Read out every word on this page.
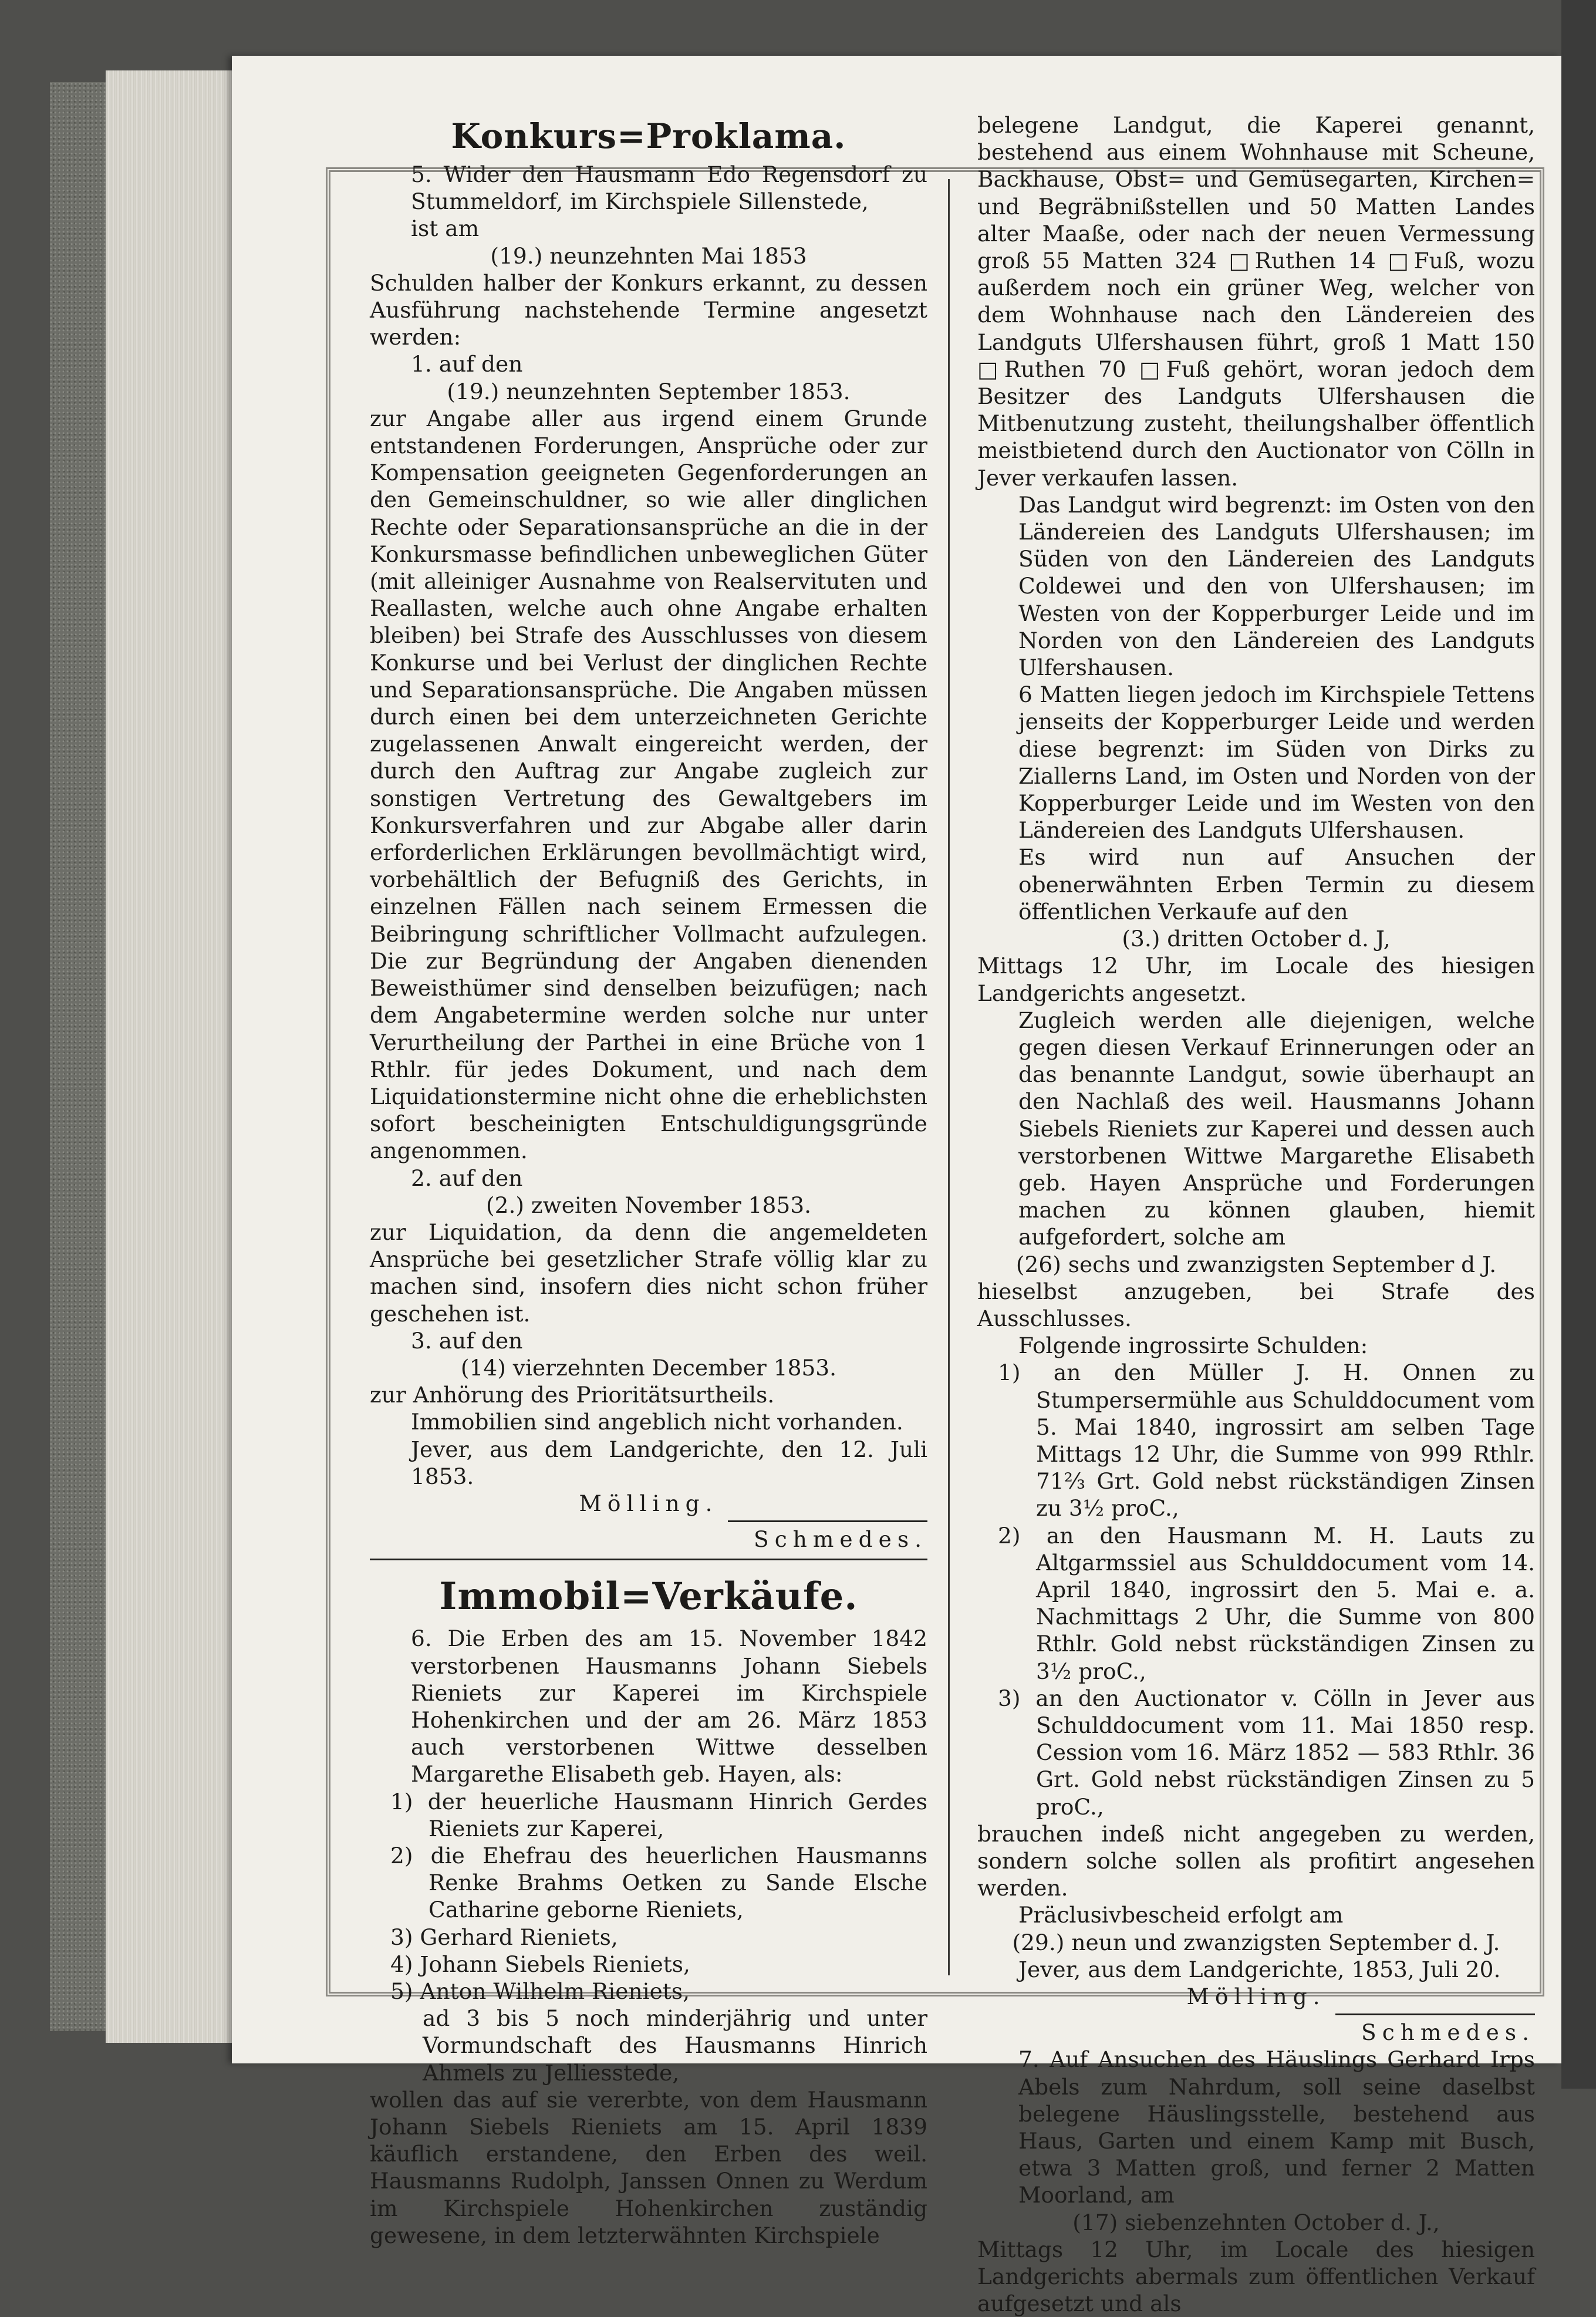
Konkurs=Proklama.

5. Wider den Hausmann Edo Regensdorf zu Stummeldorf, im Kirchspiele Sillenstede,

ist am

(19.) neunzehnten Mai 1853

Schulden halber der Konkurs erkannt, zu dessen Ausführung nachstehende Termine angesetzt werden:

1. auf den

(19.) neunzehnten September 1853.

zur Angabe aller aus irgend einem Grunde entstandenen Forderungen, Ansprüche oder zur Kompensation geeigneten Gegenforderungen an den Gemeinschuldner, so wie aller dinglichen Rechte oder Separationsansprüche an die in der Konkursmasse befindlichen unbeweglichen Güter (mit alleiniger Ausnahme von Realservituten und Reallasten, welche auch ohne Angabe erhalten bleiben) bei Strafe des Ausschlusses von diesem Konkurse und bei Verlust der dinglichen Rechte und Separationsansprüche. Die Angaben müssen durch einen bei dem unterzeichneten Gerichte zugelassenen Anwalt eingereicht werden, der durch den Auftrag zur Angabe zugleich zur sonstigen Vertretung des Gewaltgebers im Konkursverfahren und zur Abgabe aller darin erforderlichen Erklärungen bevollmächtigt wird, vorbehältlich der Befugniß des Gerichts, in einzelnen Fällen nach seinem Ermessen die Beibringung schriftlicher Vollmacht aufzulegen. Die zur Begründung der Angaben dienenden Beweisthümer sind denselben beizufügen; nach dem Angabetermine werden solche nur unter Verurtheilung der Parthei in eine Brüche von 1 Rthlr. für jedes Dokument, und nach dem Liquidationstermine nicht ohne die erheblichsten sofort bescheinigten Entschuldigungsgründe angenommen.

2. auf den

(2.) zweiten November 1853.

zur Liquidation, da denn die angemeldeten Ansprüche bei gesetzlicher Strafe völlig klar zu machen sind, insofern dies nicht schon früher geschehen ist.

3. auf den

(14) vierzehnten December 1853.

zur Anhörung des Prioritätsurtheils.

Immobilien sind angeblich nicht vorhanden.

Jever, aus dem Landgerichte, den 12. Juli 1853.

Mölling.

Schmedes.

Immobil=Verkäufe.

6. Die Erben des am 15. November 1842 verstorbenen Hausmanns Johann Siebels Rieniets zur Kaperei im Kirchspiele Hohenkirchen und der am 26. März 1853 auch verstorbenen Wittwe desselben Margarethe Elisabeth geb. Hayen, als:

1) der heuerliche Hausmann Hinrich Gerdes Rieniets zur Kaperei,

2) die Ehefrau des heuerlichen Hausmanns Renke Brahms Oetken zu Sande Elsche Catharine geborne Rieniets,

3) Gerhard Rieniets,

4) Johann Siebels Rieniets,

5) Anton Wilhelm Rieniets,

ad 3 bis 5 noch minderjährig und unter Vormundschaft des Hausmanns Hinrich Ahmels zu Jelliesstede,

wollen das auf sie vererbte, von dem Hausmann Johann Siebels Rieniets am 15. April 1839 käuflich erstandene, den Erben des weil. Hausmanns Rudolph, Janssen Onnen zu Werdum im Kirchspiele Hohenkirchen zuständig gewesene, in dem letzterwähnten Kirchspiele

belegene Landgut, die Kaperei genannt, bestehend aus einem Wohnhause mit Scheune, Backhause, Obst= und Gemüsegarten, Kirchen= und Begräbnißstellen und 50 Matten Landes alter Maaße, oder nach der neuen Vermessung groß 55 Matten 324 □Ruthen 14 □Fuß, wozu außerdem noch ein grüner Weg, welcher von dem Wohnhause nach den Ländereien des Landguts Ulfershausen führt, groß 1 Matt 150 □Ruthen 70 □Fuß gehört, woran jedoch dem Besitzer des Landguts Ulfershausen die Mitbenutzung zusteht, theilungshalber öffentlich meistbietend durch den Auctionator von Cölln in Jever verkaufen lassen.

Das Landgut wird begrenzt: im Osten von den Ländereien des Landguts Ulfershausen; im Süden von den Ländereien des Landguts Coldewei und den von Ulfershausen; im Westen von der Kopperburger Leide und im Norden von den Ländereien des Landguts Ulfershausen.

6 Matten liegen jedoch im Kirchspiele Tettens jenseits der Kopperburger Leide und werden diese begrenzt: im Süden von Dirks zu Ziallerns Land, im Osten und Norden von der Kopperburger Leide und im Westen von den Ländereien des Landguts Ulfershausen.

Es wird nun auf Ansuchen der obenerwähnten Erben Termin zu diesem öffentlichen Verkaufe auf den

(3.) dritten October d. J,

Mittags 12 Uhr, im Locale des hiesigen Landgerichts angesetzt.

Zugleich werden alle diejenigen, welche gegen diesen Verkauf Erinnerungen oder an das benannte Landgut, sowie überhaupt an den Nachlaß des weil. Hausmanns Johann Siebels Rieniets zur Kaperei und dessen auch verstorbenen Wittwe Margarethe Elisabeth geb. Hayen Ansprüche und Forderungen machen zu können glauben, hiemit aufgefordert, solche am

(26) sechs und zwanzigsten September d J.

hieselbst anzugeben, bei Strafe des Ausschlusses.

Folgende ingrossirte Schulden:

1) an den Müller J. H. Onnen zu Stumpersermühle aus Schulddocument vom 5. Mai 1840, ingrossirt am selben Tage Mittags 12 Uhr, die Summe von 999 Rthlr. 71⅔ Grt. Gold nebst rückständigen Zinsen zu 3½ proC.,

2) an den Hausmann M. H. Lauts zu Altgarmssiel aus Schulddocument vom 14. April 1840, ingrossirt den 5. Mai e. a. Nachmittags 2 Uhr, die Summe von 800 Rthlr. Gold nebst rückständigen Zinsen zu 3½ proC.,

3) an den Auctionator v. Cölln in Jever aus Schulddocument vom 11. Mai 1850 resp. Cession vom 16. März 1852 — 583 Rthlr. 36 Grt. Gold nebst rückständigen Zinsen zu 5 proC.,

brauchen indeß nicht angegeben zu werden, sondern solche sollen als profitirt angesehen werden.

Präclusivbescheid erfolgt am

(29.) neun und zwanzigsten September d. J.

Jever, aus dem Landgerichte, 1853, Juli 20.

Mölling.

Schmedes.

7. Auf Ansuchen des Häuslings Gerhard Irps Abels zum Nahrdum, soll seine daselbst belegene Häuslingsstelle, bestehend aus Haus, Garten und einem Kamp mit Busch, etwa 3 Matten groß, und ferner 2 Matten Moorland, am

(17) siebenzehnten October d. J.,

Mittags 12 Uhr, im Locale des hiesigen Landgerichts abermals zum öffentlichen Verkauf aufgesetzt und als
